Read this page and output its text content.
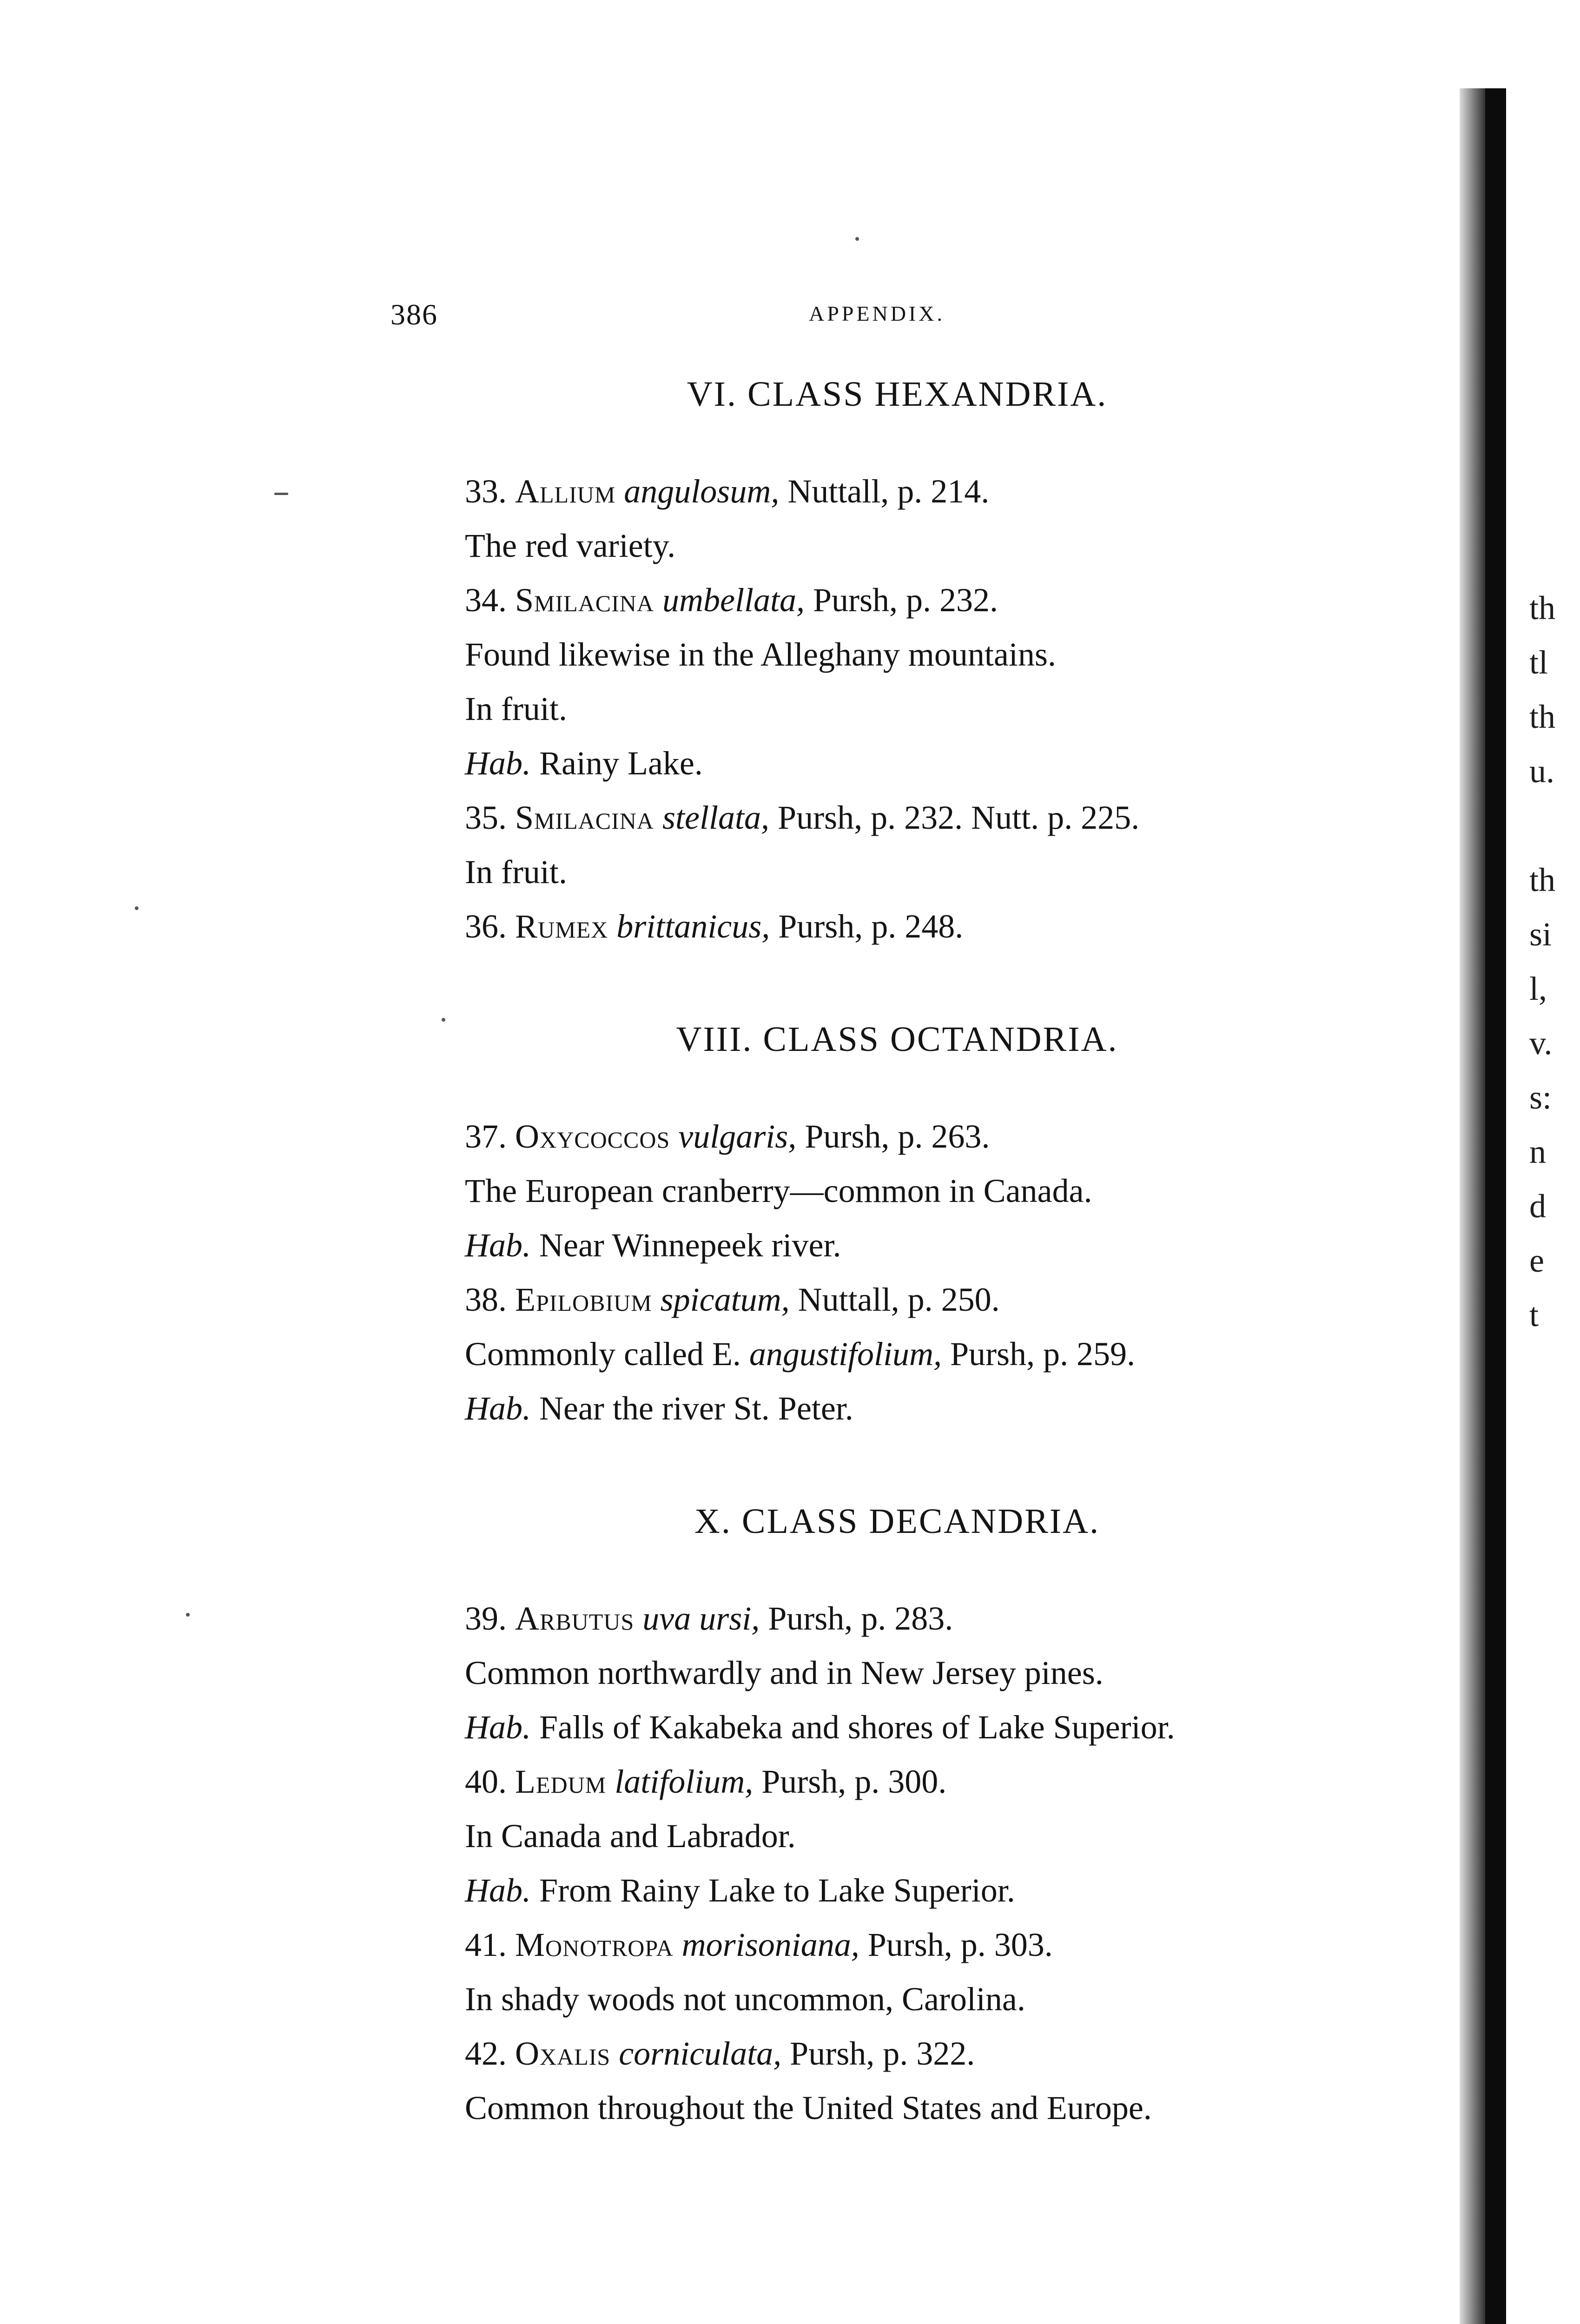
386	APPENDIX.
VI. CLASS HEXANDRIA.
33. Allium angulosum, Nuttall, p. 214.
The red variety.
34. Smilacina umbellata, Pursh, p. 232.
Found likewise in the Alleghany mountains.
In fruit.
Hab. Rainy Lake.
35. Smilacina stellata, Pursh, p. 232. Nutt. p. 225.
In fruit.
36. Rumex brittanicus, Pursh, p. 248.
VIII. CLASS OCTANDRIA.
37. Oxycoccos vulgaris, Pursh, p. 263.
The European cranberry—common in Canada.
Hab. Near Winnepeek river.
38. Epilobium spicatum, Nuttall, p. 250.
Commonly called E. angustifolium, Pursh, p. 259.
Hab. Near the river St. Peter.
X. CLASS DECANDRIA.
39. Arbutus uva ursi, Pursh, p. 283.
Common northwardly and in New Jersey pines.
Hab. Falls of Kakabeka and shores of Lake Superior.
40. Ledum latifolium, Pursh, p. 300.
In Canada and Labrador.
Hab. From Rainy Lake to Lake Superior.
41. Monotropa morisoniana, Pursh, p. 303.
In shady woods not uncommon, Carolina.
42. Oxalis corniculata, Pursh, p. 322.
Common throughout the United States and Europe.
th
tl
th
u.
th
si
l,
v.
s:
n
d
e
t
